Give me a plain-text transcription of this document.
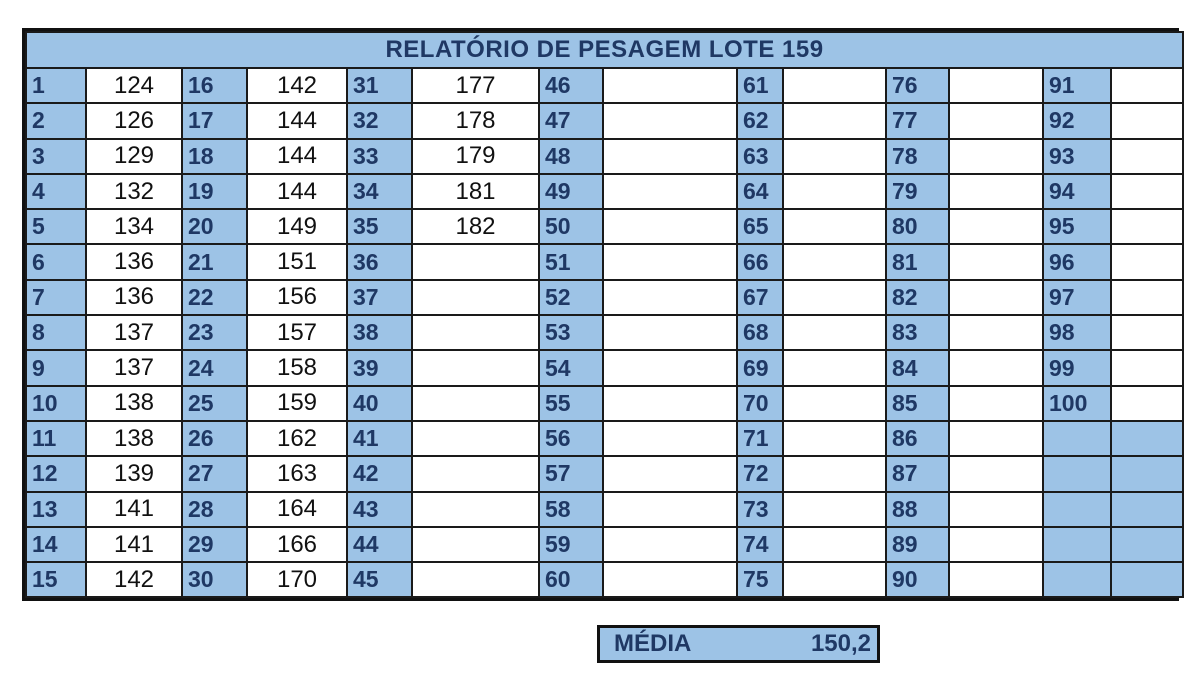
RELATÓRIO DE PESAGEM LOTE 159													
1	124	16	142	31	177	46		61		76		91	
2	126	17	144	32	178	47		62		77		92	
3	129	18	144	33	179	48		63		78		93	
4	132	19	144	34	181	49		64		79		94	
5	134	20	149	35	182	50		65		80		95	
6	136	21	151	36		51		66		81		96	
7	136	22	156	37		52		67		82		97	
8	137	23	157	38		53		68		83		98	
9	137	24	158	39		54		69		84		99	
10	138	25	159	40		55		70		85		100	
11	138	26	162	41		56		71		86			
12	139	27	163	42		57		72		87			
13	141	28	164	43		58		73		88			
14	141	29	166	44		59		74		89			
15	142	30	170	45		60		75		90			
MÉDIA	150,2
